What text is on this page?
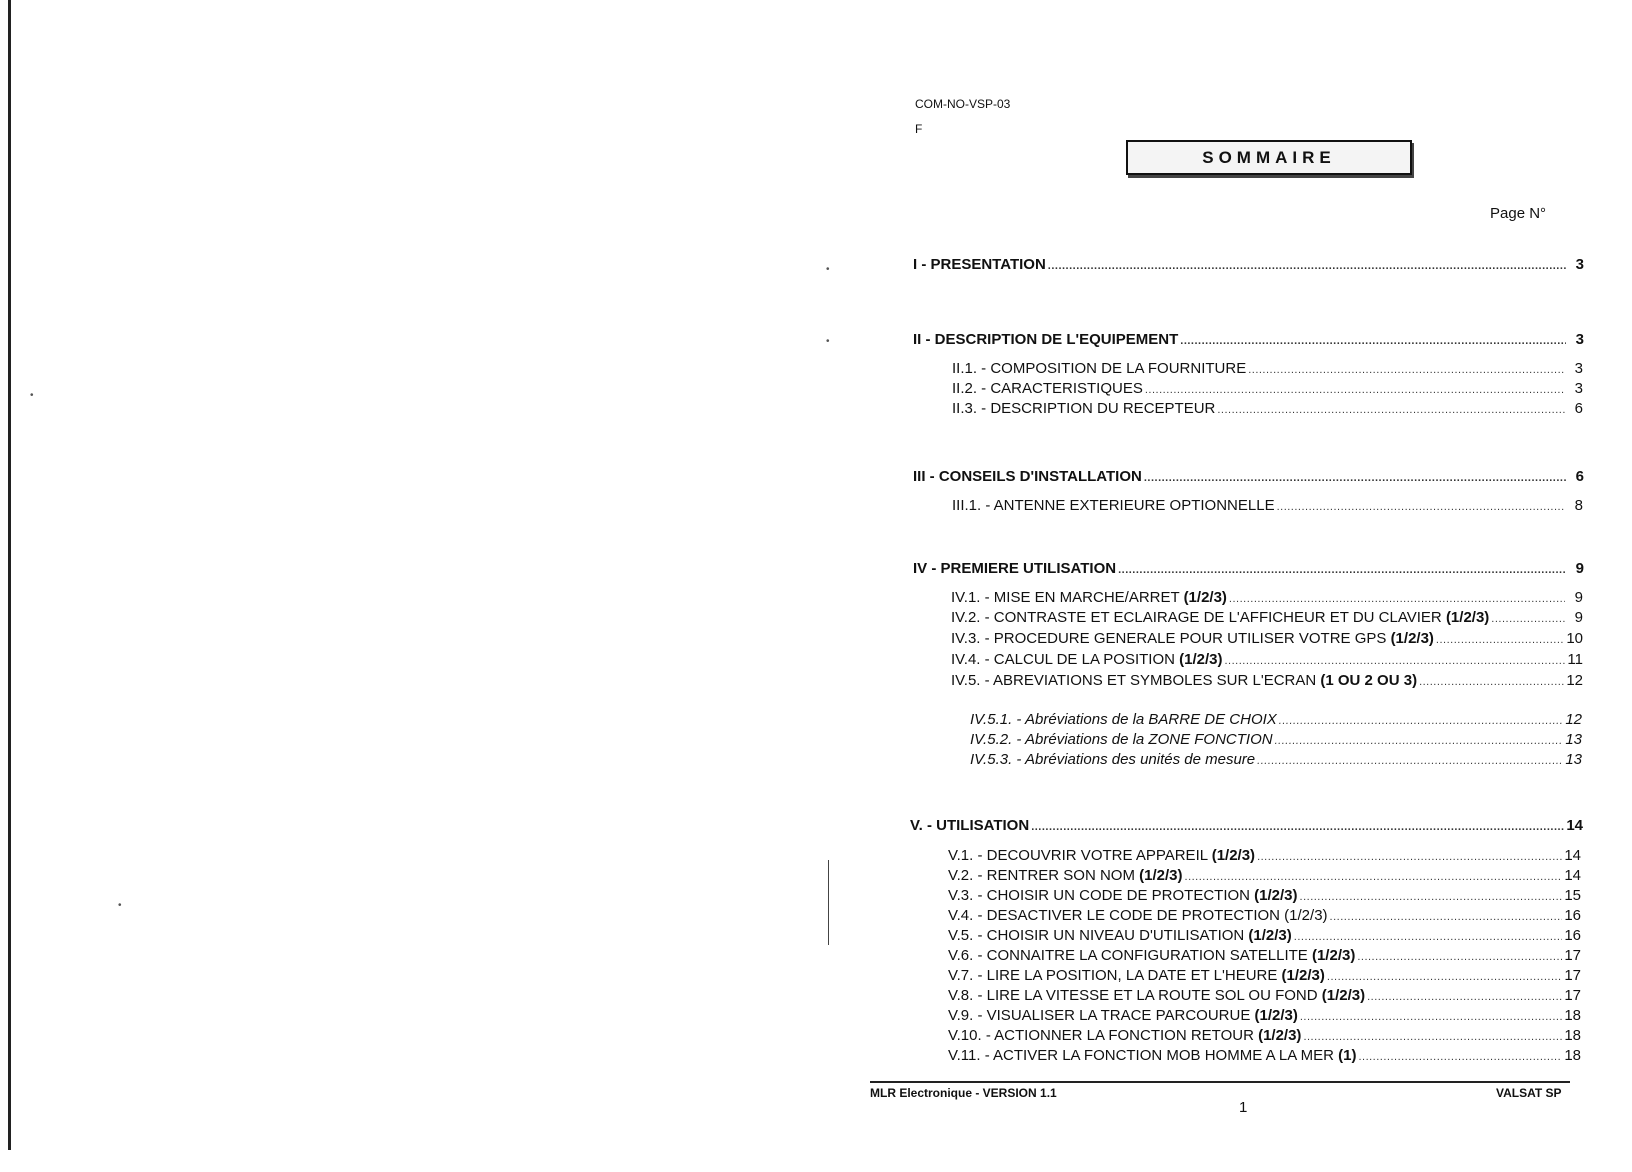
•
•
•
•
COM-NO-VSP-03
F
SOMMAIRE
Page N°
I - PRESENTATION .....	3
II - DESCRIPTION DE L'EQUIPEMENT .....	3
II.1. - COMPOSITION DE LA FOURNITURE .....	3
II.2. - CARACTERISTIQUES .....	3
II.3. - DESCRIPTION DU RECEPTEUR .....	6
III - CONSEILS D'INSTALLATION .....	6
III.1. - ANTENNE EXTERIEURE OPTIONNELLE .....	8
IV - PREMIERE UTILISATION .....	9
IV.1. - MISE EN MARCHE/ARRET (1/2/3) .....	9
IV.2. - CONTRASTE ET ECLAIRAGE DE L'AFFICHEUR ET DU CLAVIER (1/2/3) .....	9
IV.3. - PROCEDURE GENERALE POUR UTILISER VOTRE GPS (1/2/3) .....	10
IV.4. - CALCUL DE LA POSITION (1/2/3) .....	11
IV.5. - ABREVIATIONS ET SYMBOLES SUR L'ECRAN (1 OU 2 OU 3) .....	12
IV.5.1. - Abréviations de la BARRE DE CHOIX .....	12
IV.5.2. - Abréviations de la ZONE FONCTION .....	13
IV.5.3. - Abréviations des unités de mesure .....	13
V. - UTILISATION .....	14
V.1. - DECOUVRIR VOTRE APPAREIL (1/2/3) .....	14
V.2. - RENTRER SON NOM (1/2/3) .....	14
V.3. - CHOISIR UN CODE DE PROTECTION (1/2/3) .....	15
V.4. - DESACTIVER LE CODE DE PROTECTION (1/2/3) .....	16
V.5. - CHOISIR UN NIVEAU D'UTILISATION (1/2/3) .....	16
V.6. - CONNAITRE LA CONFIGURATION SATELLITE (1/2/3) .....	17
V.7. - LIRE LA POSITION, LA DATE ET L'HEURE (1/2/3) .....	17
V.8. - LIRE LA VITESSE ET LA ROUTE SOL OU FOND (1/2/3) .....	17
V.9. - VISUALISER LA TRACE PARCOURUE (1/2/3) .....	18
V.10. - ACTIONNER LA FONCTION RETOUR (1/2/3) .....	18
V.11. - ACTIVER LA FONCTION MOB HOMME A LA MER (1) .....	18
MLR Electronique - VERSION 1.1	VALSAT SP
1
